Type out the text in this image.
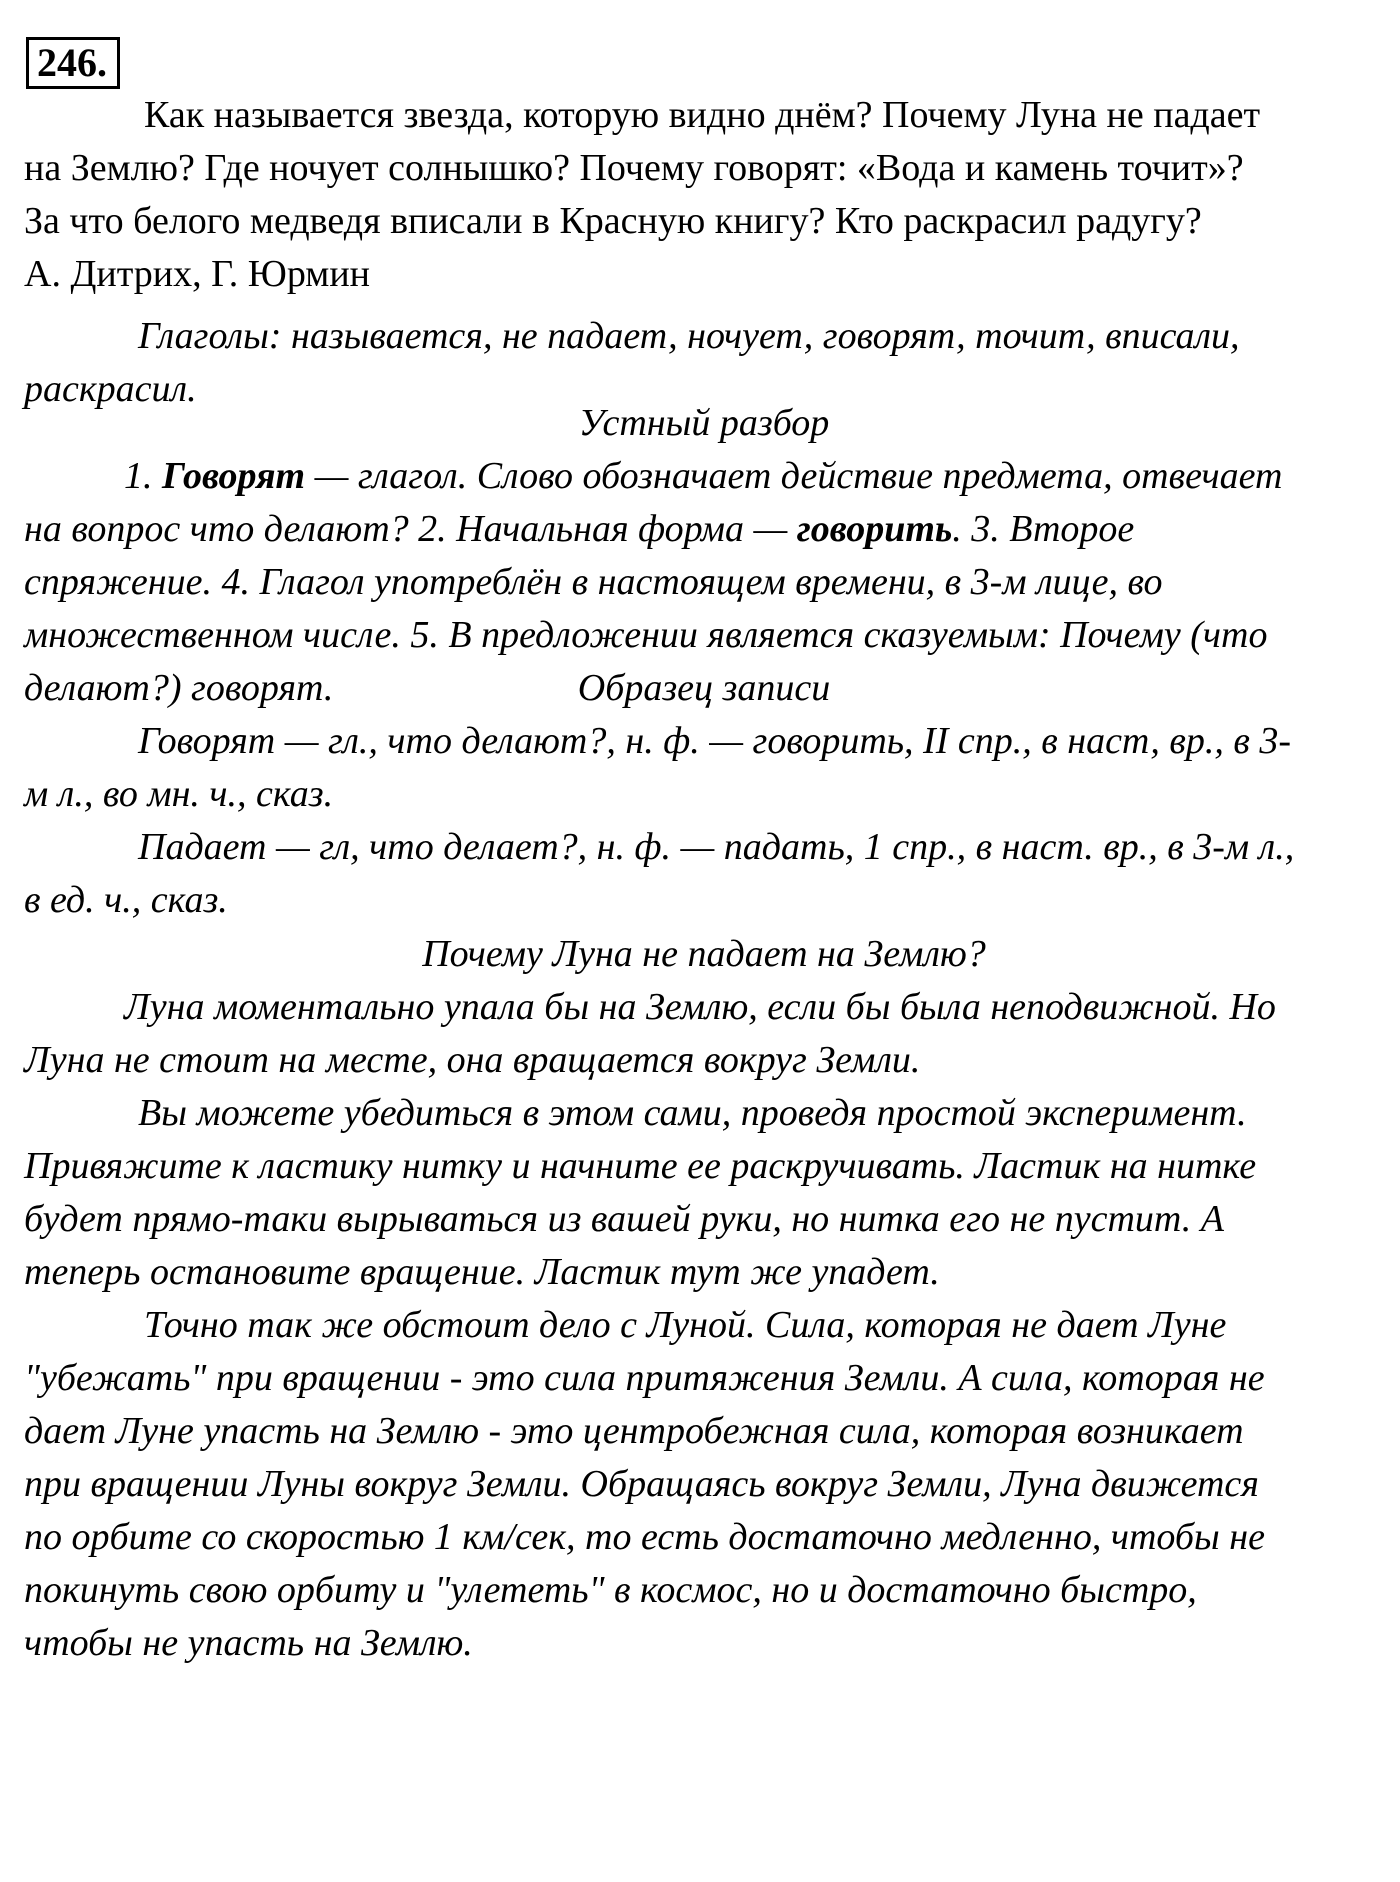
246.

Как называется звезда, которую видно днём? Почему Луна не падает

на Землю? Где ночует солнышко? Почему говорят: «Вода и камень точит»?

За что белого медведя вписали в Красную книгу? Кто раскрасил радугу?

А. Дитрих, Г. Юрмин

Глаголы: называется, не падает, ночует, говорят, точит, вписали,

раскрасил.

Устный разбор

1. Говорят — глагол. Слово обозначает действие предмета, отвечает

на вопрос что делают? 2. Начальная форма — говорить. 3. Второе

спряжение. 4. Глагол употреблён в настоящем времени, в 3-м лице, во

множественном числе. 5. В предложении является сказуемым: Почему (что

делают?) говорят.	Образец записи

Говорят — гл., что делают?, н. ф. — говорить, II спр., в наст, вр., в 3-

м л., во мн. ч., сказ.

Падает — гл, что делает?, н. ф. — падать, 1 спр., в наст. вр., в 3-м л.,

в ед. ч., сказ.

Почему Луна не падает на Землю?

Луна моментально упала бы на Землю, если бы была неподвижной. Но

Луна не стоит на месте, она вращается вокруг Земли.

Вы можете убедиться в этом сами, проведя простой эксперимент.

Привяжите к ластику нитку и начните ее раскручивать. Ластик на нитке

будет прямо-таки вырываться из вашей руки, но нитка его не пустит. А

теперь остановите вращение. Ластик тут же упадет.

Точно так же обстоит дело с Луной. Сила, которая не дает Луне

"убежать" при вращении - это сила притяжения Земли. А сила, которая не

дает Луне упасть на Землю - это центробежная сила, которая возникает

при вращении Луны вокруг Земли. Обращаясь вокруг Земли, Луна движется

по орбите со скоростью 1 км/сек, то есть достаточно медленно, чтобы не

покинуть свою орбиту и "улететь" в космос, но и достаточно быстро,

чтобы не упасть на Землю.
